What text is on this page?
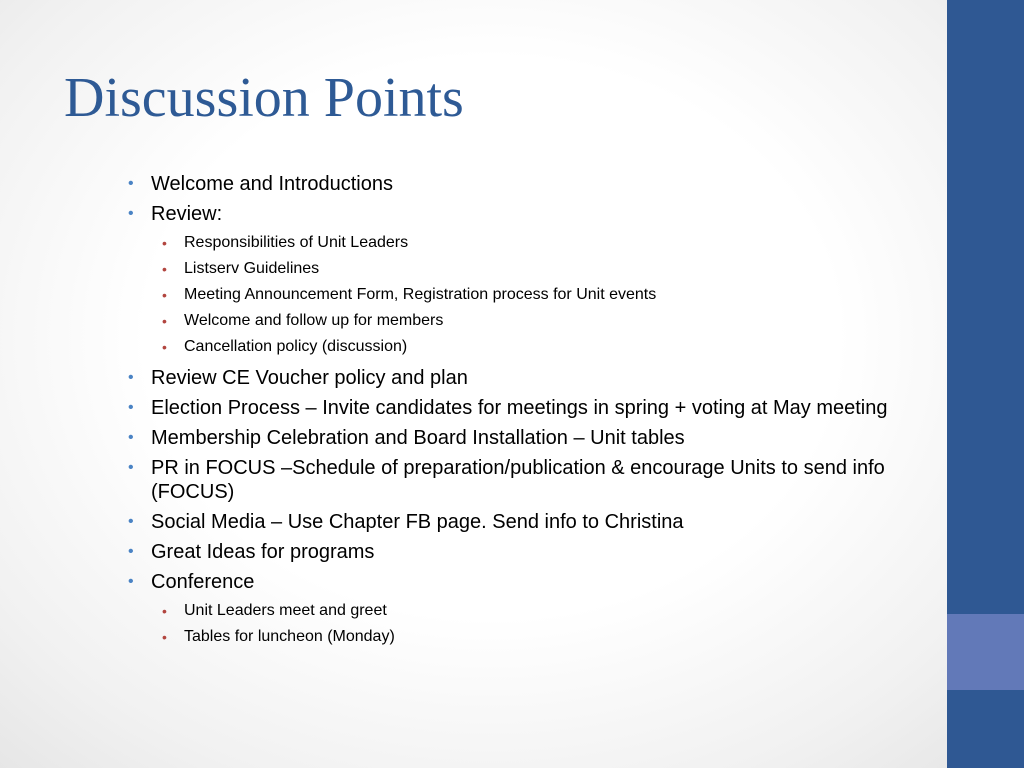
Discussion Points
• Welcome and Introductions
• Review:
• Responsibilities of Unit Leaders
• Listserv Guidelines
• Meeting Announcement Form, Registration process for Unit events
• Welcome and follow up for members
• Cancellation policy (discussion)
• Review CE Voucher policy and plan
• Election Process – Invite candidates for meetings in spring + voting at May meeting
• Membership Celebration and Board Installation – Unit tables
• PR in FOCUS –Schedule of preparation/publication & encourage Units to send info (FOCUS)
• Social Media – Use Chapter FB page. Send info to Christina
• Great Ideas for programs
• Conference
• Unit Leaders meet and greet
• Tables for luncheon (Monday)
